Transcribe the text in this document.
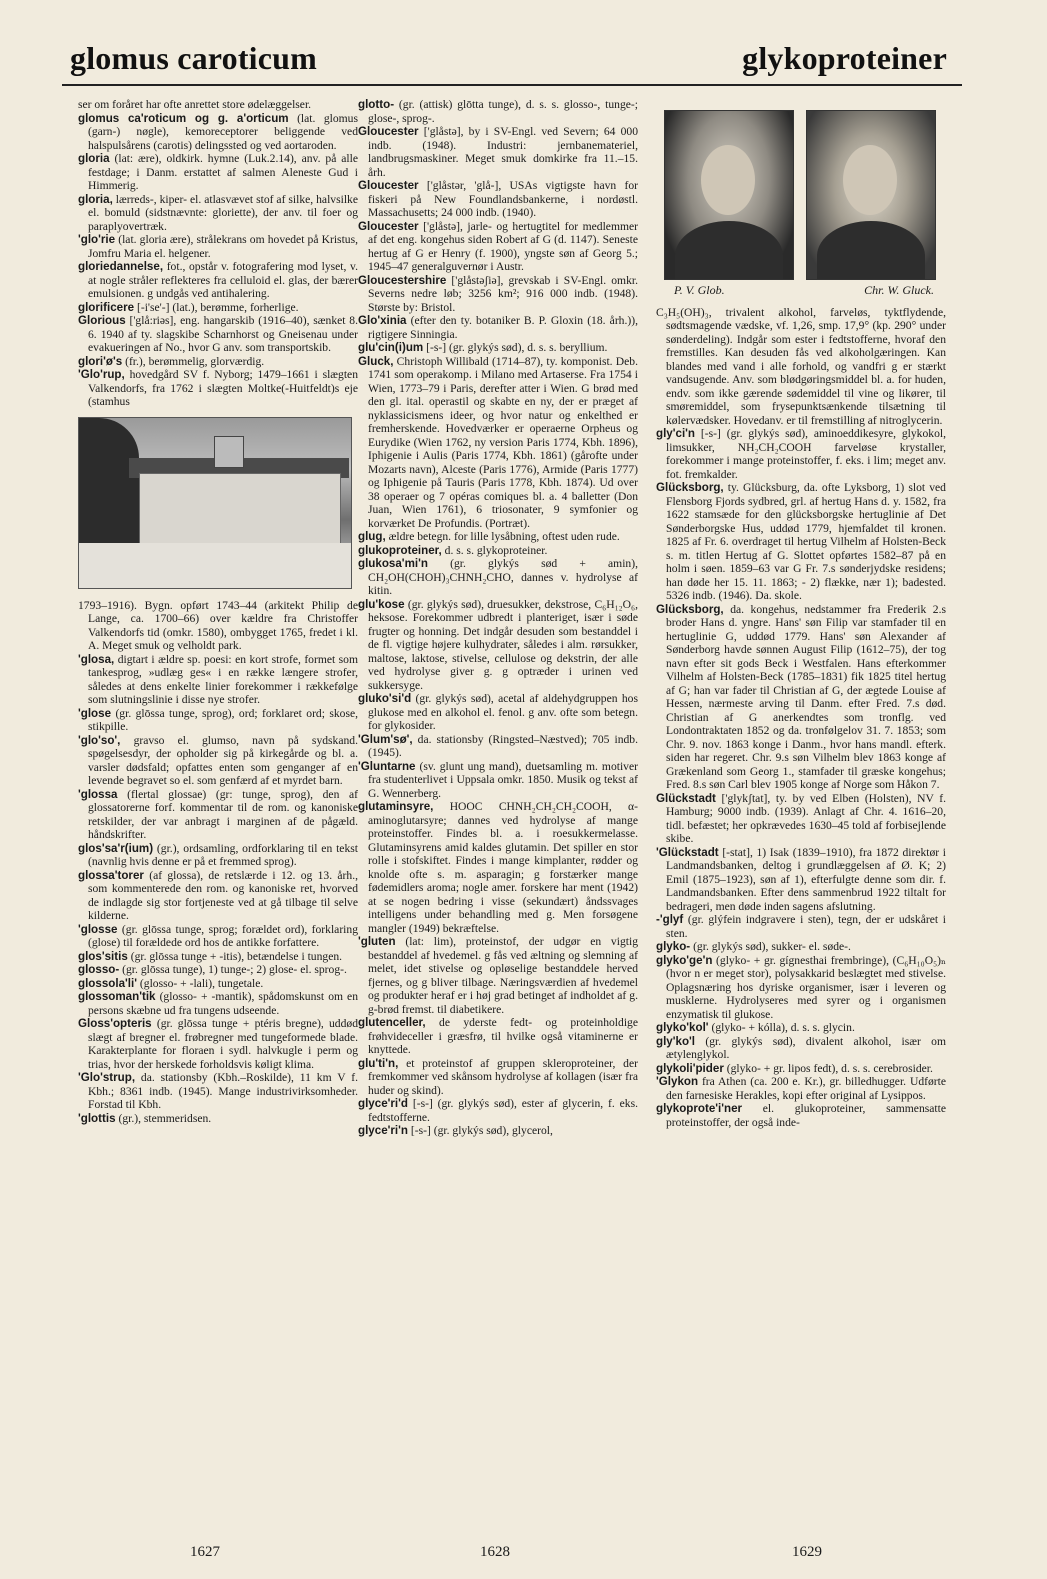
glomus caroticum	glykoproteiner
ser om foråret har ofte anrettet store ødelæggelser.
glomus ca'roticum og g. a'orticum (lat. glomus (garn-) nøgle), kemoreceptorer beliggende ved halspulsårens (carotis) delingssted og ved aortaroden.
gloria (lat: ære), oldkirk. hymne (Luk.2.14), anv. på alle festdage; i Danm. erstattet af salmen Aleneste Gud i Himmerig.
gloria, lærreds-, kiper- el. atlasvævet stof af silke, halvsilke el. bomuld (sidstnævnte: gloriette), der anv. til foer og paraplyovertræk.
'glo'rie (lat. gloria ære), strålekrans om hovedet på Kristus, Jomfru Maria el. helgener.
gloriedannelse, fot., opstår v. fotografering mod lyset, v. at nogle stråler reflekteres fra celluloid el. glas, der bærer emulsionen. g undgås ved antihalering.
glorificere [-i'se'-] (lat.), berømme, forherlige.
Glorious ['glå:riəs], eng. hangarskib (1916–40), sænket 8. 6. 1940 af ty. slagskibe Scharnhorst og Gneisenau under evakueringen af No., hvor G anv. som transportskib.
glori'ø's (fr.), berømmelig, glorværdig.
'Glo'rup, hovedgård SV f. Nyborg; 1479–1661 i slægten Valkendorfs, fra 1762 i slægten Moltke(-Huitfeldt)s eje (stamhus
1793–1916). Bygn. opført 1743–44 (arkitekt Philip de Lange, ca. 1700–66) over kældre fra Christoffer Valkendorfs tid (omkr. 1580), ombygget 1765, fredet i kl. A. Meget smuk og velholdt park.
'glosa, digtart i ældre sp. poesi: en kort strofe, formet som tankesprog, »udlæg ges« i en række længere strofer, således at dens enkelte linier forekommer i rækkefølge som slutningslinie i disse nye strofer.
'glose (gr. glōssa tunge, sprog), ord; forklaret ord; skose, stikpille.
'glo'so', gravso el. glumso, navn på sydskand. spøgelsesdyr, der opholder sig på kirkegårde og bl. a. varsler dødsfald; opfattes enten som genganger af en levende begravet so el. som genfærd af et myrdet barn.
'glossa (flertal glossae) (gr: tunge, sprog), den af glossatorerne forf. kommentar til de rom. og kanoniske retskilder, der var anbragt i marginen af de pågæld. håndskrifter.
glos'sa'r(ium) (gr.), ordsamling, ordforklaring til en tekst (navnlig hvis denne er på et fremmed sprog).
glossa'torer (af glossa), de retslærde i 12. og 13. årh., som kommenterede den rom. og kanoniske ret, hvorved de indlagde sig stor fortjeneste ved at gå tilbage til selve kilderne.
'glosse (gr. glōssa tunge, sprog; forældet ord), forklaring (glose) til forældede ord hos de antikke forfattere.
glos'sitis (gr. glōssa tunge + -itis), betændelse i tungen.
glosso- (gr. glōssa tunge), 1) tunge-; 2) glose- el. sprog-.
glossola'li' (glosso- + -lali), tungetale.
glossoman'tik (glosso- + -mantik), spådomskunst om en persons skæbne ud fra tungens udseende.
Gloss'opteris (gr. glōssa tunge + ptéris bregne), uddød slægt af bregner el. frøbregner med tungeformede blade. Karakterplante for floraen i sydl. halvkugle i perm og trias, hvor der herskede forholdsvis køligt klima.
'Glo'strup, da. stationsby (Kbh.–Roskilde), 11 km V f. Kbh.; 8361 indb. (1945). Mange industrivirksomheder. Forstad til Kbh.
'glottis (gr.), stemmeridsen.
glotto- (gr. (attisk) glōtta tunge), d. s. s. glosso-, tunge-; glose-, sprog-.
Gloucester ['glåstə], by i SV-Engl. ved Severn; 64 000 indb. (1948). Industri: jernbanemateriel, landbrugsmaskiner. Meget smuk domkirke fra 11.–15. årh.
Gloucester ['glåstər, 'glå-], USAs vigtigste havn for fiskeri på New Foundlandsbankerne, i nordøstl. Massachusetts; 24 000 indb. (1940).
Gloucester ['glåstə], jarle- og hertugtitel for medlemmer af det eng. kongehus siden Robert af G (d. 1147). Seneste hertug af G er Henry (f. 1900), yngste søn af Georg 5.; 1945–47 generalguvernør i Austr.
Gloucestershire ['glåstəʃiə], grevskab i SV-Engl. omkr. Severns nedre løb; 3256 km²; 916 000 indb. (1948). Største by: Bristol.
Glo'xinia (efter den ty. botaniker B. P. Gloxin (18. årh.)), rigtigere Sinningia.
glu'cin(i)um [-s-] (gr. glykýs sød), d. s. s. beryllium.
Gluck, Christoph Willibald (1714–87), ty. komponist. Deb. 1741 som operakomp. i Milano med Artaserse. Fra 1754 i Wien, 1773–79 i Paris, derefter atter i Wien. G brød med den gl. ital. operastil og skabte en ny, der er præget af nyklassicismens ideer, og hvor natur og enkelthed er fremherskende. Hovedværker er operaerne Orpheus og Eurydike (Wien 1762, ny version Paris 1774, Kbh. 1896), Iphigenie i Aulis (Paris 1774, Kbh. 1861) (gårofte under Mozarts navn), Alceste (Paris 1776), Armide (Paris 1777) og Iphigenie på Tauris (Paris 1778, Kbh. 1874). Ud over 38 operaer og 7 opéras comiques bl. a. 4 balletter (Don Juan, Wien 1761), 6 triosonater, 9 symfonier og korværket De Profundis. (Portræt).
glug, ældre betegn. for lille lysåbning, oftest uden rude.
glukoproteiner, d. s. s. glykoproteiner.
glukosa'mi'n (gr. glykýs sød + amin), CH₂OH(CHOH)₃CHNH₂CHO, dannes v. hydrolyse af kitin.
glu'kose (gr. glykýs sød), druesukker, dekstrose, C₆H₁₂O₆, heksose. Forekommer udbredt i planteriget, især i søde frugter og honning. Det indgår desuden som bestanddel i de fl. vigtige højere kulhydrater, således i alm. rørsukker, maltose, laktose, stivelse, cellulose og dekstrin, der alle ved hydrolyse giver g. g optræder i urinen ved sukkersyge.
gluko'si'd (gr. glykýs sød), acetal af aldehydgruppen hos glukose med en alkohol el. fenol. g anv. ofte som betegn. for glykosider.
'Glum'sø', da. stationsby (Ringsted–Næstved); 705 indb. (1945).
'Gluntarne (sv. glunt ung mand), duetsamling m. motiver fra studenterlivet i Uppsala omkr. 1850. Musik og tekst af G. Wennerberg.
glutaminsyre, HOOC CHNH₂CH₂CH₂COOH, α-aminoglutarsyre; dannes ved hydrolyse af mange proteinstoffer. Findes bl. a. i roesukkermelasse. Glutaminsyrens amid kaldes glutamin. Det spiller en stor rolle i stofskiftet. Findes i mange kimplanter, rødder og knolde ofte s. m. asparagin; g forstærker mange fødemidlers aroma; nogle amer. forskere har ment (1942) at se nogen bedring i visse (sekundært) åndssvages intelligens under behandling med g. Men forsøgene mangler (1949) bekræftelse.
'gluten (lat: lim), proteinstof, der udgør en vigtig bestanddel af hvedemel. g fås ved æltning og slemning af melet, idet stivelse og opløselige bestanddele herved fjernes, og g bliver tilbage. Næringsværdien af hvedemel og produkter heraf er i høj grad betinget af indholdet af g. g-brød fremst. til diabetikere.
glutenceller, de yderste fedt- og proteinholdige frøhvideceller i græsfrø, til hvilke også vitaminerne er knyttede.
glu'ti'n, et proteinstof af gruppen skleroproteiner, der fremkommer ved skånsom hydrolyse af kollagen (især fra huder og skind).
glyce'ri'd [-s-] (gr. glykýs sød), ester af glycerin, f. eks. fedtstofferne.
glyce'ri'n [-s-] (gr. glykýs sød), glycerol,
P. V. Glob.	Chr. W. Gluck.
C₃H₅(OH)₃, trivalent alkohol, farveløs, tyktflydende, sødtsmagende vædske, vf. 1,26, smp. 17,9° (kp. 290° under sønderdeling). Indgår som ester i fedtstofferne, hvoraf den fremstilles. Kan desuden fås ved alkoholgæringen. Kan blandes med vand i alle forhold, og vandfri g er stærkt vandsugende. Anv. som blødgøringsmiddel bl. a. for huden, endv. som ikke gærende sødemiddel til vine og likører, til smøremiddel, som frysepunktsænkende tilsætning til kølervædsker. Hovedanv. er til fremstilling af nitroglycerin.
gly'ci'n [-s-] (gr. glykýs sød), aminoeddikesyre, glykokol, limsukker, NH₂CH₂COOH farveløse krystaller, forekommer i mange proteinstoffer, f. eks. i lim; meget anv. fot. fremkalder.
Glücksborg, ty. Glücksburg, da. ofte Lyksborg, 1) slot ved Flensborg Fjords sydbred, grl. af hertug Hans d. y. 1582, fra 1622 stamsæde for den glücksborgske hertuglinie af Det Sønderborgske Hus, uddød 1779, hjemfaldet til kronen. 1825 af Fr. 6. overdraget til hertug Vilhelm af Holsten-Beck s. m. titlen Hertug af G. Slottet opførtes 1582–87 på en holm i søen. 1859–63 var G Fr. 7.s sønderjydske residens; han døde her 15. 11. 1863; - 2) flække, nær 1); badested. 5326 indb. (1946). Da. skole.
Glücksborg, da. kongehus, nedstammer fra Frederik 2.s broder Hans d. yngre. Hans' søn Filip var stamfader til en hertuglinie G, uddød 1779. Hans' søn Alexander af Sønderborg havde sønnen August Filip (1612–75), der tog navn efter sit gods Beck i Westfalen. Hans efterkommer Vilhelm af Holsten-Beck (1785–1831) fik 1825 titel hertug af G; han var fader til Christian af G, der ægtede Louise af Hessen, nærmeste arving til Danm. efter Fred. 7.s død. Christian af G anerkendtes som tronflg. ved Londontraktaten 1852 og da. tronfølgelov 31. 7. 1853; som Chr. 9. nov. 1863 konge i Danm., hvor hans mandl. efterk. siden har regeret. Chr. 9.s søn Vilhelm blev 1863 konge af Grækenland som Georg 1., stamfader til græske kongehus; Fred. 8.s søn Carl blev 1905 konge af Norge som Håkon 7.
Glückstadt ['glykʃtat], ty. by ved Elben (Holsten), NV f. Hamburg; 9000 indb. (1939). Anlagt af Chr. 4. 1616–20, tidl. befæstet; her opkrævedes 1630–45 told af forbisejlende skibe.
'Glückstadt [-stat], 1) Isak (1839–1910), fra 1872 direktør i Landmandsbanken, deltog i grundlæggelsen af Ø. K; 2) Emil (1875–1923), søn af 1), efterfulgte denne som dir. f. Landmandsbanken. Efter dens sammenbrud 1922 tiltalt for bedrageri, men døde inden sagens afslutning.
-'glyf (gr. glýfein indgravere i sten), tegn, der er udskåret i sten.
glyko- (gr. glykýs sød), sukker- el. søde-.
glyko'ge'n (glyko- + gr. gígnesthai frembringe), (C₆H₁₀O₅)ₙ (hvor n er meget stor), polysakkarid beslægtet med stivelse. Oplagsnæring hos dyriske organismer, især i leveren og musklerne. Hydrolyseres med syrer og i organismen enzymatisk til glukose.
glyko'kol' (glyko- + kólla), d. s. s. glycin.
gly'ko'l (gr. glykýs sød), divalent alkohol, især om ætylenglykol.
glykoli'pider (glyko- + gr. lipos fedt), d. s. s. cerebrosider.
'Glykon fra Athen (ca. 200 e. Kr.), gr. billedhugger. Udførte den farnesiske Herakles, kopi efter original af Lysippos.
glykoprote'i'ner el. glukoproteiner, sammensatte proteinstoffer, der også inde-
1627	1628	1629
